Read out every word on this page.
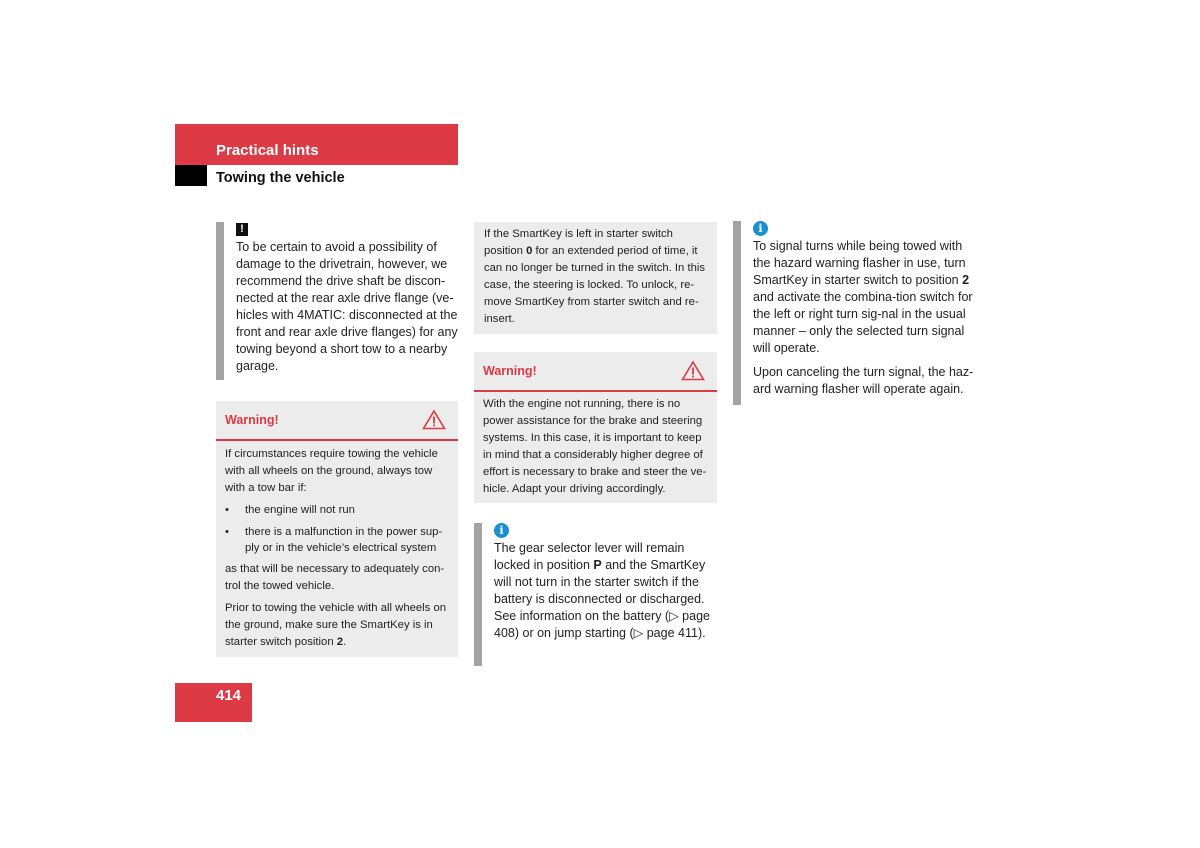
Practical hints
Towing the vehicle
!
To be certain to avoid a possibility of damage to the drivetrain, however, we recommend the drive shaft be discon-nected at the rear axle drive flange (ve-hicles with 4MATIC: disconnected at the front and rear axle drive flanges) for any towing beyond a short tow to a nearby garage.
Warning!

If circumstances require towing the vehicle with all wheels on the ground, always tow with a tow bar if:

• the engine will not run

• there is a malfunction in the power sup-ply or in the vehicle’s electrical system

as that will be necessary to adequately con-trol the towed vehicle.

Prior to towing the vehicle with all wheels on the ground, make sure the SmartKey is in starter switch position 2.

414
If the SmartKey is left in starter switch position 0 for an extended period of time, it can no longer be turned in the switch. In this case, the steering is locked. To unlock, re-move SmartKey from starter switch and re-insert.
Warning!
With the engine not running, there is no power assistance for the brake and steering systems. In this case, it is important to keep in mind that a considerably higher degree of effort is necessary to brake and steer the ve-hicle. Adapt your driving accordingly.
i
The gear selector lever will remain locked in position P and the SmartKey will not turn in the starter switch if the battery is disconnected or discharged. See information on the battery (▷ page 408) or on jump starting (▷ page 411).
i

To signal turns while being towed with the hazard warning flasher in use, turn SmartKey in starter switch to position 2 and activate the combina-tion switch for the left or right turn sig-nal in the usual manner – only the selected turn signal will operate.

Upon canceling the turn signal, the haz-ard warning flasher will operate again.
